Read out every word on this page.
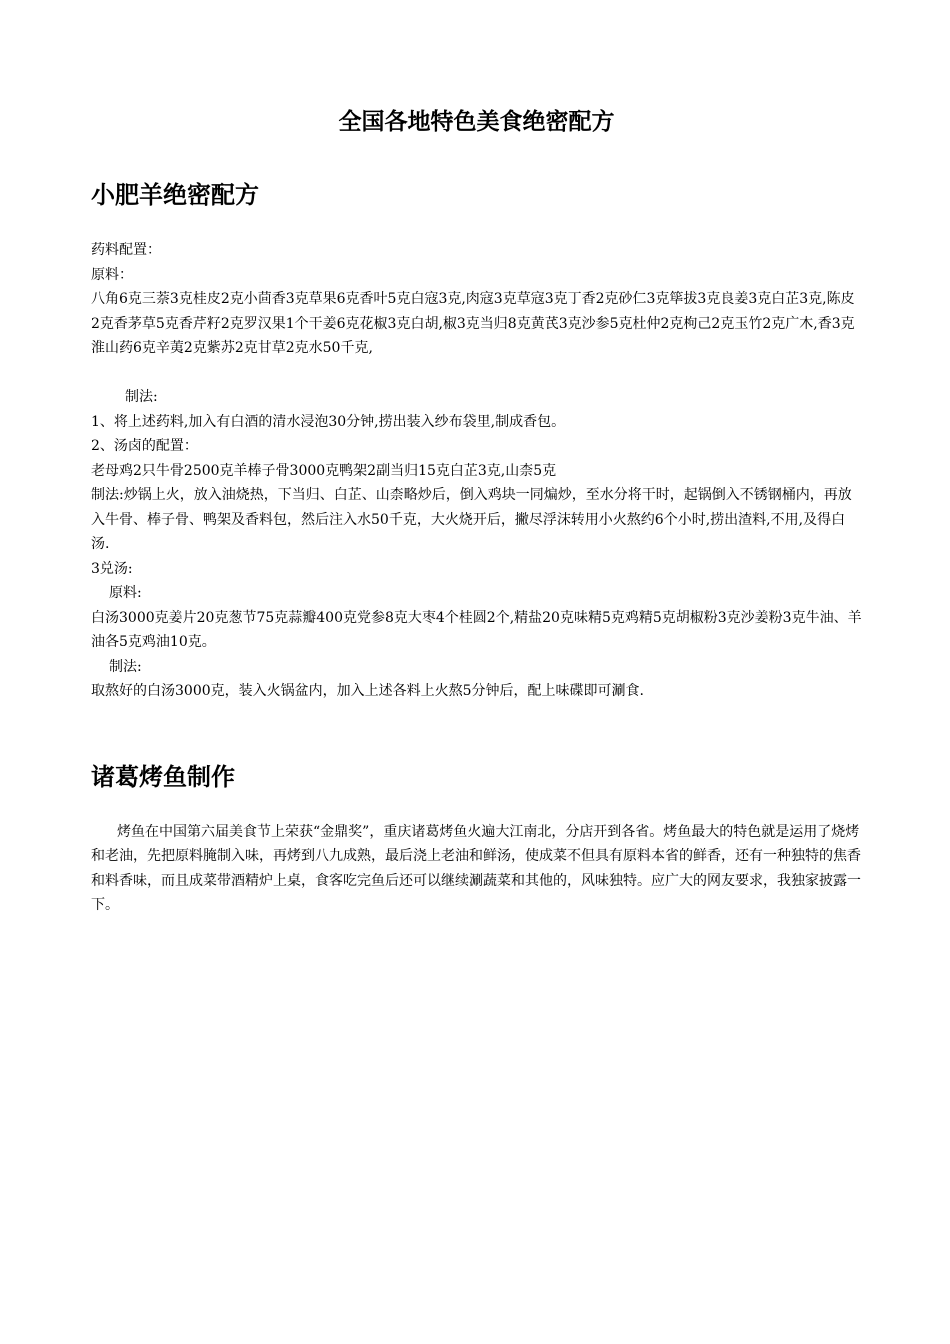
全国各地特色美食绝密配方
小肥羊绝密配方
药料配置：
原料：
八角6克三萘3克桂皮2克小茴香3克草果6克香叶5克白寇3克,肉寇3克草寇3克丁香2克砂仁3克筚拔3克良姜3克白芷3克,陈皮2克香茅草5克香芹籽2克罗汉果1个干姜6克花椒3克白胡,椒3克当归8克黄芪3克沙参5克杜仲2克枸己2克玉竹2克广木,香3克淮山药6克辛荑2克紫苏2克甘草2克水50千克,
制法:
1、将上述药料,加入有白酒的清水浸泡30分钟,捞出装入纱布袋里,制成香包。
2、汤卤的配置：
老母鸡2只牛骨2500克羊棒子骨3000克鸭架2副当归15克白芷3克,山柰5克
制法:炒锅上火，放入油烧热，下当归、白芷、山柰略炒后，倒入鸡块一同煸炒，至水分将干时，起锅倒入不锈钢桶内，再放入牛骨、棒子骨、鸭架及香料包，然后注入水50千克，大火烧开后，撇尽浮沫转用小火熬约6个小时,捞出渣料,不用,及得白汤.
3兑汤:
原料:
白汤3000克姜片20克葱节75克蒜瓣400克党参8克大枣4个桂圆2个,精盐20克味精5克鸡精5克胡椒粉3克沙姜粉3克牛油、羊油各5克鸡油10克。
制法:
取熬好的白汤3000克，装入火锅盆内，加入上述各料上火熬5分钟后，配上味碟即可涮食.
诸葛烤鱼制作
烤鱼在中国第六届美食节上荣获“金鼎奖”，重庆诸葛烤鱼火遍大江南北，分店开到各省。烤鱼最大的特色就是运用了烧烤和老油，先把原料腌制入味，再烤到八九成熟，最后浇上老油和鲜汤，使成菜不但具有原料本省的鲜香，还有一种独特的焦香和料香味，而且成菜带酒精炉上桌，食客吃完鱼后还可以继续涮蔬菜和其他的，风味独特。应广大的网友要求，我独家披露一下。
